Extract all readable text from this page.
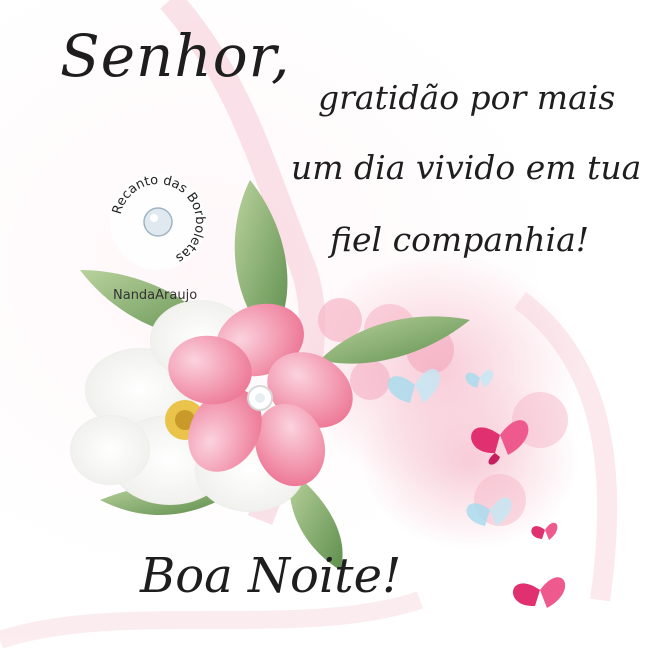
Recanto das Borboletas
Senhor,
gratidão por mais
um dia vivido em tua
fiel companhia!
NandaAraujo
Boa Noite!
